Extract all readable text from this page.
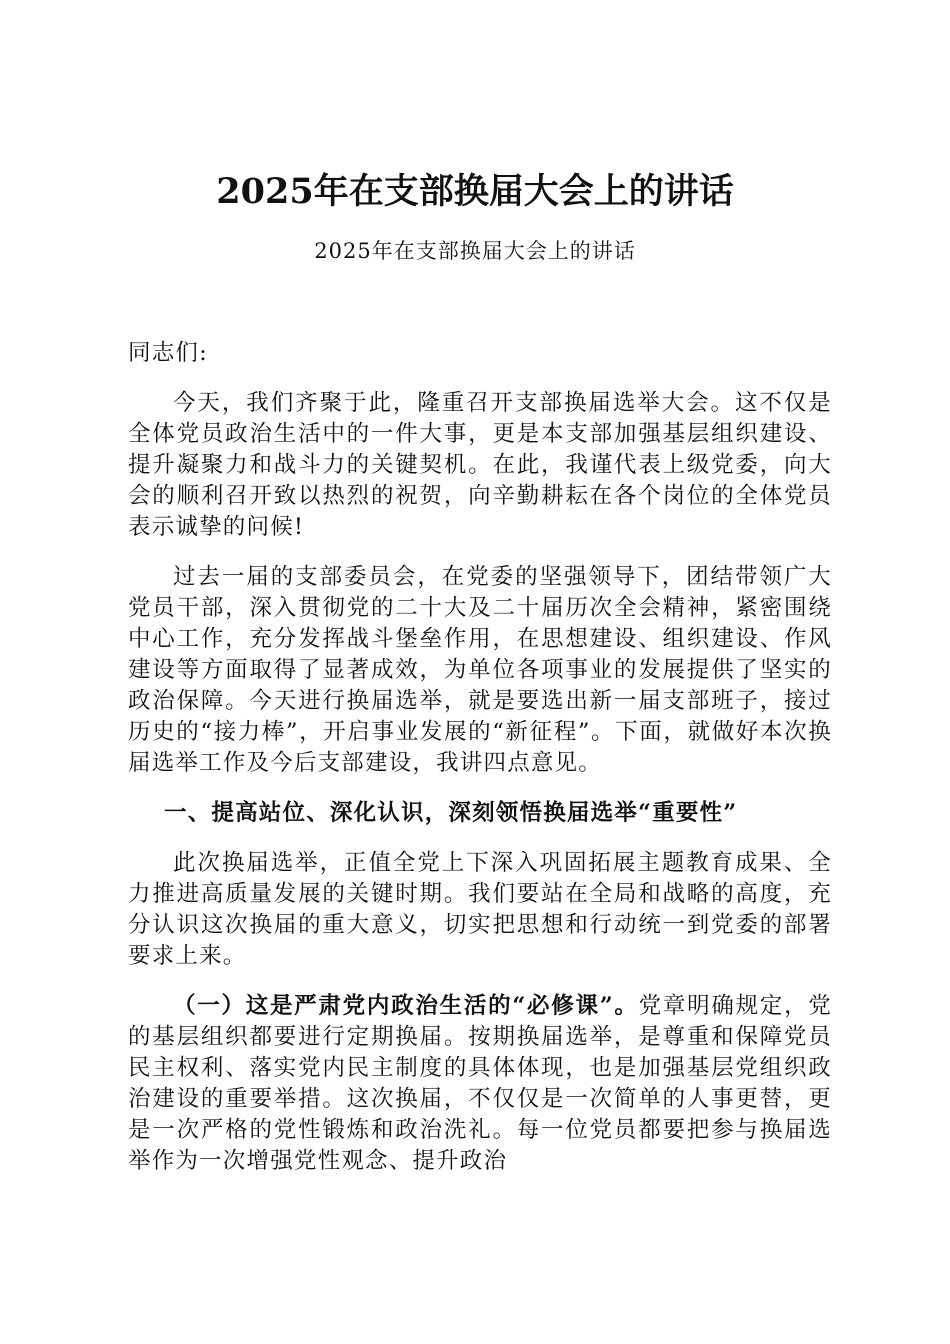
2025年在支部换届大会上的讲话
2025年在支部换届大会上的讲话

同志们:

今天，我们齐聚于此，隆重召开支部换届选举大会。这不仅是全体党员政治生活中的一件大事，更是本支部加强基层组织建设、提升凝聚力和战斗力的关键契机。在此，我谨代表上级党委，向大会的顺利召开致以热烈的祝贺，向辛勤耕耘在各个岗位的全体党员表示诚挚的问候!

过去一届的支部委员会，在党委的坚强领导下，团结带领广大党员干部，深入贯彻党的二十大及二十届历次全会精神，紧密围绕中心工作，充分发挥战斗堡垒作用，在思想建设、组织建设、作风建设等方面取得了显著成效，为单位各项事业的发展提供了坚实的政治保障。今天进行换届选举，就是要选出新一届支部班子，接过历史的“接力棒”，开启事业发展的“新征程”。下面，就做好本次换届选举工作及今后支部建设，我讲四点意见。

一、提高站位、深化认识，深刻领悟换届选举“重要性”

此次换届选举，正值全党上下深入巩固拓展主题教育成果、全力推进高质量发展的关键时期。我们要站在全局和战略的高度，充分认识这次换届的重大意义，切实把思想和行动统一到党委的部署要求上来。

（一）这是严肃党内政治生活的“必修课”。党章明确规定，党的基层组织都要进行定期换届。按期换届选举，是尊重和保障党员民主权利、落实党内民主制度的具体体现，也是加强基层党组织政治建设的重要举措。这次换届，不仅仅是一次简单的人事更替，更是一次严格的党性锻炼和政治洗礼。每一位党员都要把参与换届选举作为一次增强党性观念、提升政治
